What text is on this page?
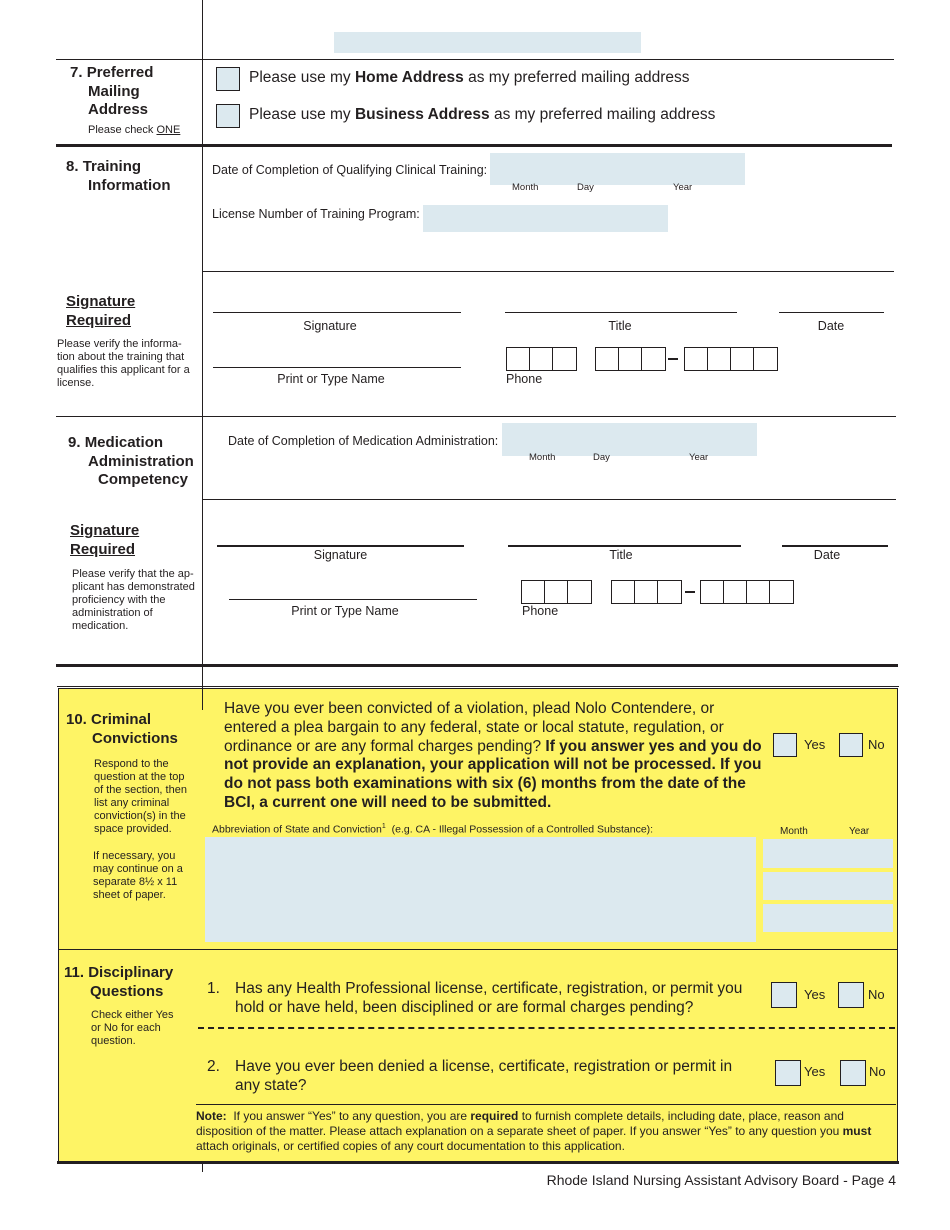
7. Preferred
Mailing
Address
Please check ONE
Please use my Home Address as my preferred mailing address
Please use my Business Address as my preferred mailing address
8. Training
Information
Date of Completion of Qualifying Clinical Training:
Month	Day	Year
License Number of Training Program:
Signature
Required
Please verify the informa- tion about the training that qualifies this applicant for a license.
Signature	Title	Date
Print or Type Name	Phone
9. Medication
Administration
Competency
Date of Completion of Medication Administration:
Month	Day	Year
Signature
Required
Please verify that the ap- plicant has demonstrated proficiency with the administration of medication.
Signature	Title	Date
Print or Type Name	Phone
10. Criminal
Convictions
Respond to the question at the top of the section, then list any criminal conviction(s) in the space provided.
If necessary, you may continue on a separate 8½ x 11 sheet of paper.
Have you ever been convicted of a violation, plead Nolo Contendere, or entered a plea bargain to any federal, state or local statute, regulation, or ordinance or are any formal charges pending? If you answer yes and you do not provide an explanation, your application will not be processed. If you do not pass both examinations with six (6) months from the date of the BCI, a current one will need to be submitted.
Yes	No
Abbreviation of State and Conviction$^1$ (e.g. CA - Illegal Possession of a Controlled Substance):	Month	Year
11. Disciplinary
Questions
Check either Yes or No for each question.
1. Has any Health Professional license, certificate, registration, or permit you hold or have held, been disciplined or are formal charges pending?
Yes	No
2. Have you ever been denied a license, certificate, registration or permit in any state?
Yes	No
Note: If you answer “Yes” to any question, you are required to furnish complete details, including date, place, reason and disposition of the matter. Please attach explanation on a separate sheet of paper. If you answer “Yes” to any question you must attach originals, or certified copies of any court documentation to this application.
Rhode Island Nursing Assistant Advisory Board - Page 4
